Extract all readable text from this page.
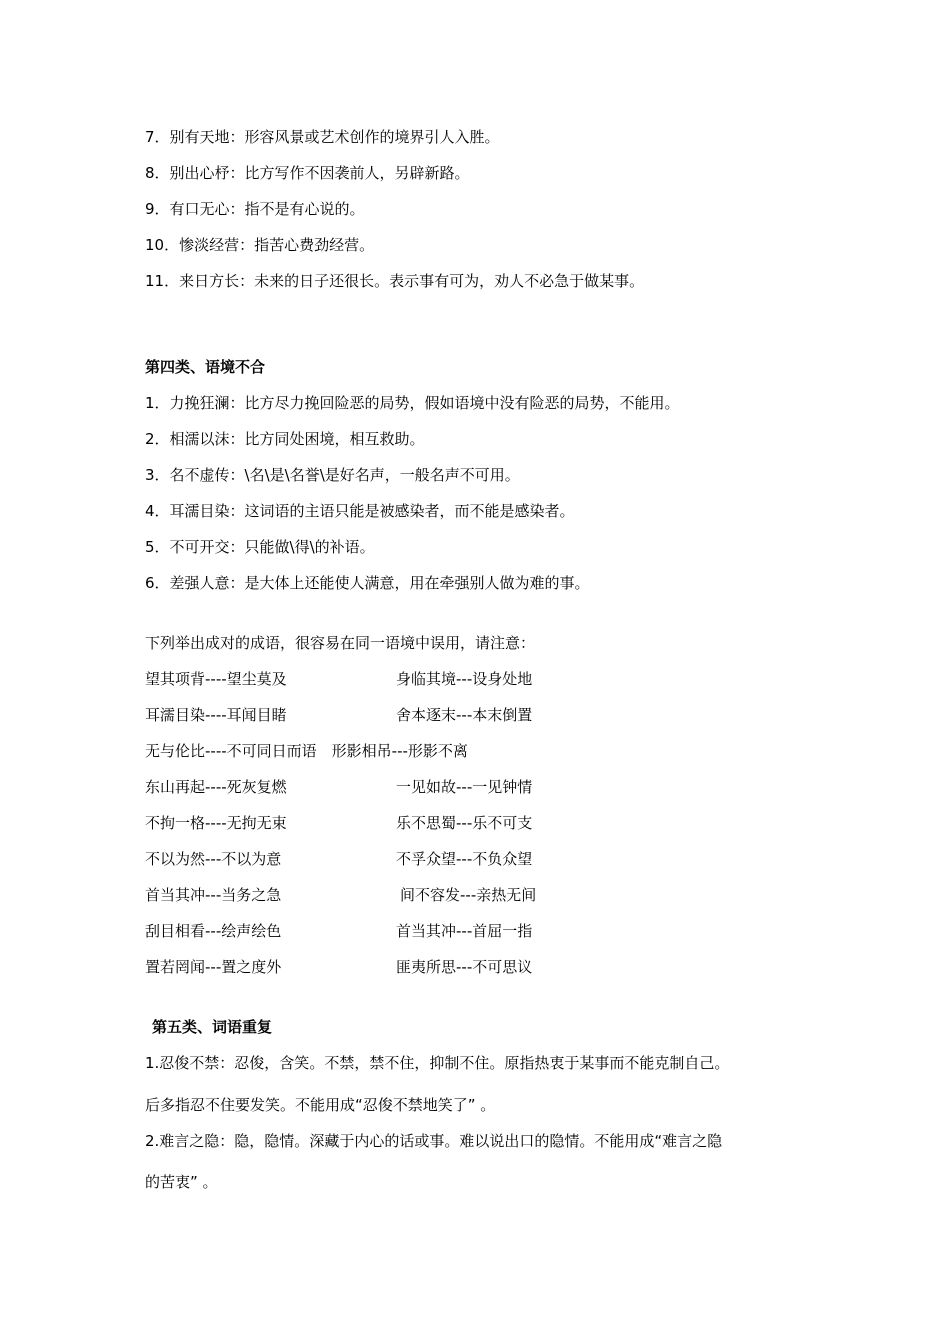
7．别有天地：形容风景或艺术创作的境界引人入胜。
8．别出心杼：比方写作不因袭前人，另辟新路。
9．有口无心：指不是有心说的。
10．惨淡经营：指苦心费劲经营。
11．来日方长：未来的日子还很长。表示事有可为，劝人不必急于做某事。
第四类、语境不合
1．力挽狂澜：比方尽力挽回险恶的局势，假如语境中没有险恶的局势，不能用。
2．相濡以沫：比方同处困境，相互救助。
3．名不虚传：\名\是\名誉\是好名声，一般名声不可用。
4．耳濡目染：这词语的主语只能是被感染者，而不能是感染者。
5．不可开交：只能做\得\的补语。
6．差强人意：是大体上还能使人满意，用在牵强别人做为难的事。
下列举出成对的成语，很容易在同一语境中误用，请注意：
望其项背----望尘莫及	身临其境---设身处地
耳濡目染----耳闻目睹	舍本逐末---本末倒置
无与伦比----不可同日而语　形影相吊---形影不离
东山再起----死灰复燃	一见如故---一见钟情
不拘一格----无拘无束	乐不思蜀---乐不可支
不以为然---不以为意	不孚众望---不负众望
首当其冲---当务之急	间不容发---亲热无间
刮目相看---绘声绘色	首当其冲---首屈一指
置若罔闻---置之度外	匪夷所思---不可思议
第五类、词语重复
1.忍俊不禁：忍俊，含笑。不禁，禁不住，抑制不住。原指热衷于某事而不能克制自己。
后多指忍不住要发笑。不能用成“忍俊不禁地笑了” 。
2.难言之隐：隐，隐情。深藏于内心的话或事。难以说出口的隐情。不能用成“难言之隐
的苦衷” 。
